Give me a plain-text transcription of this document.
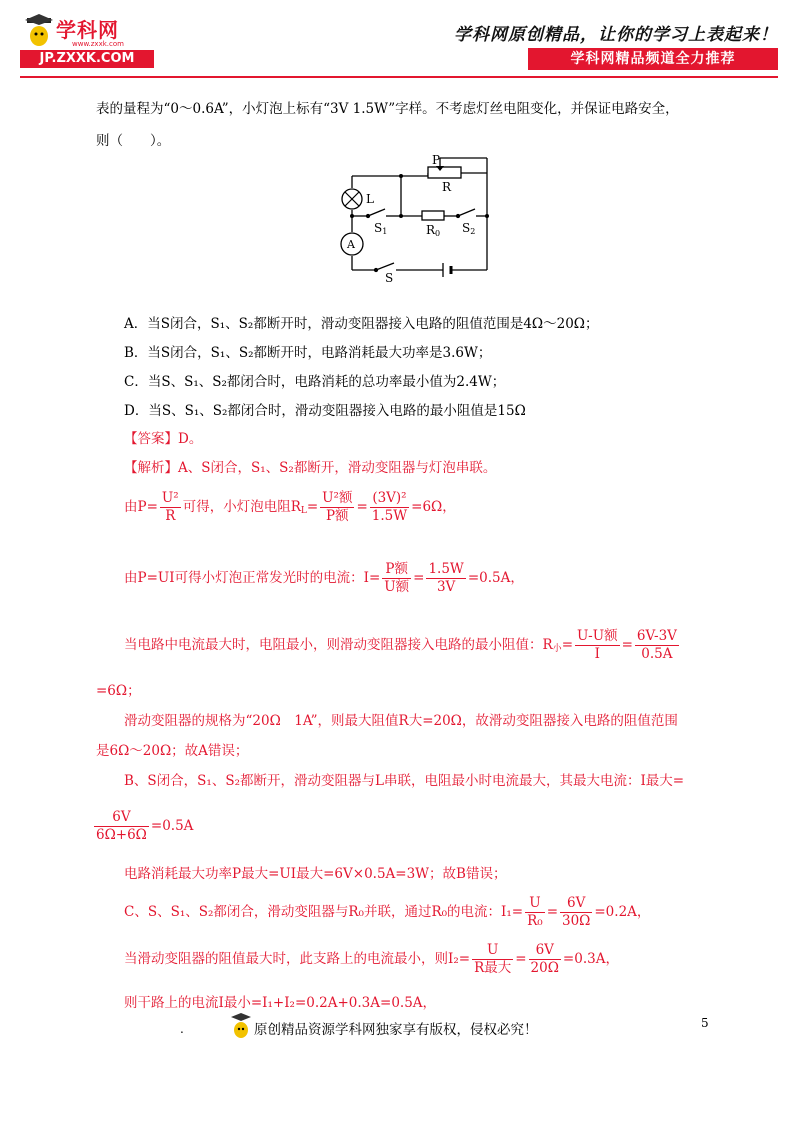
学科网
www.zxxk.com
JP.ZXXK.COM
学科网原创精品，让你的学习上表起来！
学科网精品频道全力推荐
表的量程为“0～0.6A”，小灯泡上标有“3V 1.5W”字样。不考虑灯丝电阻变化，并保证电路安全，
则（　　）。
P
R
L
S1	R0 S2
A
S
A．当S闭合，S₁、S₂都断开时，滑动变阻器接入电路的阻值范围是4Ω～20Ω；
B．当S闭合，S₁、S₂都断开时，电路消耗最大功率是3.6W；
C．当S、S₁、S₂都闭合时，电路消耗的总功率最小值为2.4W；
D．当S、S₁、S₂都闭合时，滑动变阻器接入电路的最小阻值是15Ω
【答案】D。
【解析】A、S闭合，S₁、S₂都断开，滑动变阻器与灯泡串联。
由$P= \frac{\text{U²}}{R}$ 可得，小灯泡电阻$R_L= \frac{\text{U²额}}{\text{P额}} = \frac{\text{(3V)²}}{1.5W} =6\Omega$，
由P=UI可得小灯泡正常发光时的电流：$I= \frac{\text{P额}}{\text{U额}} = \frac{1.5W}{3V} =0.5A$，
当电路中电流最大时，电阻最小，则滑动变阻器接入电路的最小阻值：$R_小= \frac{\text{U-U额}}{I} = \frac{6V-3V}{0.5A}$
=6Ω；
滑动变阻器的规格为“20Ω　1A”，则最大阻值R大=20Ω，故滑动变阻器接入电路的阻值范围
是6Ω～20Ω；故A错误；
B、S闭合，S₁、S₂都断开，滑动变阻器与L串联，电阻最小时电流最大，其最大电流：I最大=
$\frac{6V}{6\Omega+6\Omega} =0.5A$
电路消耗最大功率P最大=UI最大=6V×0.5A=3W；故B错误；
C、S、S₁、S₂都闭合，滑动变阻器与R₀并联，通过R₀的电流：$I_1= \frac{U}{\text{R₀}} = \frac{6V}{30\Omega} =0.2A$，
当滑动变阻器的阻值最大时，此支路上的电流最小，则$I_2= \frac{U}{\text{R最大}} = \frac{6V}{20\Omega} =0.3A$，
则干路上的电流I最小=I₁+I₂=0.2A+0.3A=0.5A，
5
.	原创精品资源学科网独家享有版权，侵权必究！
